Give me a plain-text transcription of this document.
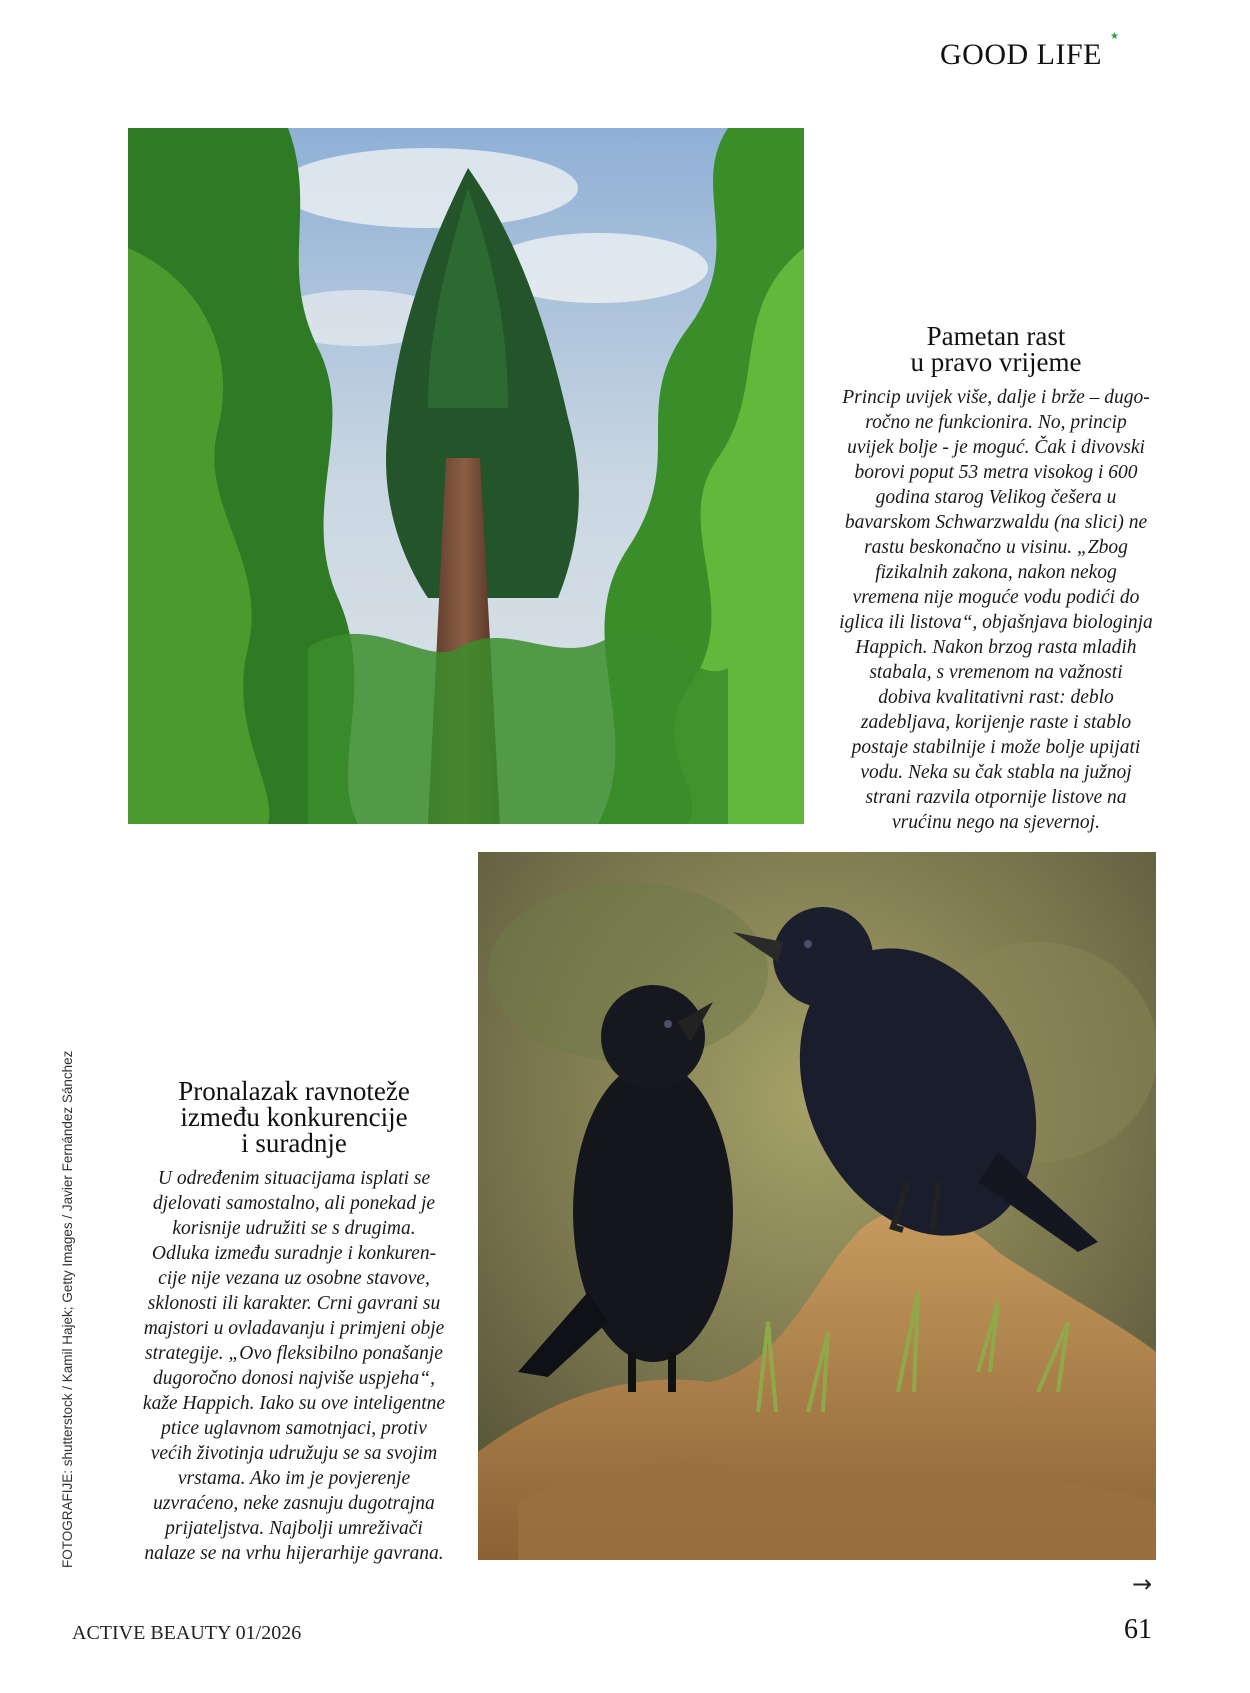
GOOD LIFE
★
Pametan rast
u pravo vrijeme

Princip uvijek više, dalje i brže – dugo-
ročno ne funkcionira. No, princip
uvijek bolje - je moguć. Čak i divovski
borovi poput 53 metra visokog i 600
godina starog Velikog češera u
bavarskom Schwarzwaldu (na slici) ne
rastu beskonačno u visinu. „Zbog
fizikalnih zakona, nakon nekog
vremena nije moguće vodu podići do
iglica ili listova“, objašnjava biologinja
Happich. Nakon brzog rasta mladih
stabala, s vremenom na važnosti
dobiva kvalitativni rast: deblo
zadebljava, korijenje raste i stablo
postaje stabilnije i može bolje upijati
vodu. Neka su čak stabla na južnoj
strani razvila otpornije listove na
vrućinu nego na sjevernoj.

FOTOGRAFIJE: shutterstock / Kamil Hajek; Getty Images / Javier Fernández Sánchez	Pronalazak ravnoteže
između konkurencije
i suradnje

U određenim situacijama isplati se
djelovati samostalno, ali ponekad je
korisnije udružiti se s drugima.
Odluka između suradnje i konkuren-
cije nije vezana uz osobne stavove,
sklonosti ili karakter. Crni gavrani su
majstori u ovladavanju i primjeni obje
strategije. „Ovo fleksibilno ponašanje
dugoročno donosi najviše uspjeha“,
kaže Happich. Iako su ove inteligentne
ptice uglavnom samotnjaci, protiv
većih životinja udružuju se sa svojim
vrstama. Ako im je povjerenje
uzvraćeno, neke zasnuju dugotrajna
prijateljstva. Najbolji umreživači
nalaze se na vrhu hijerarhije gavrana.

→
ACTIVE BEAUTY 01/2026	61
